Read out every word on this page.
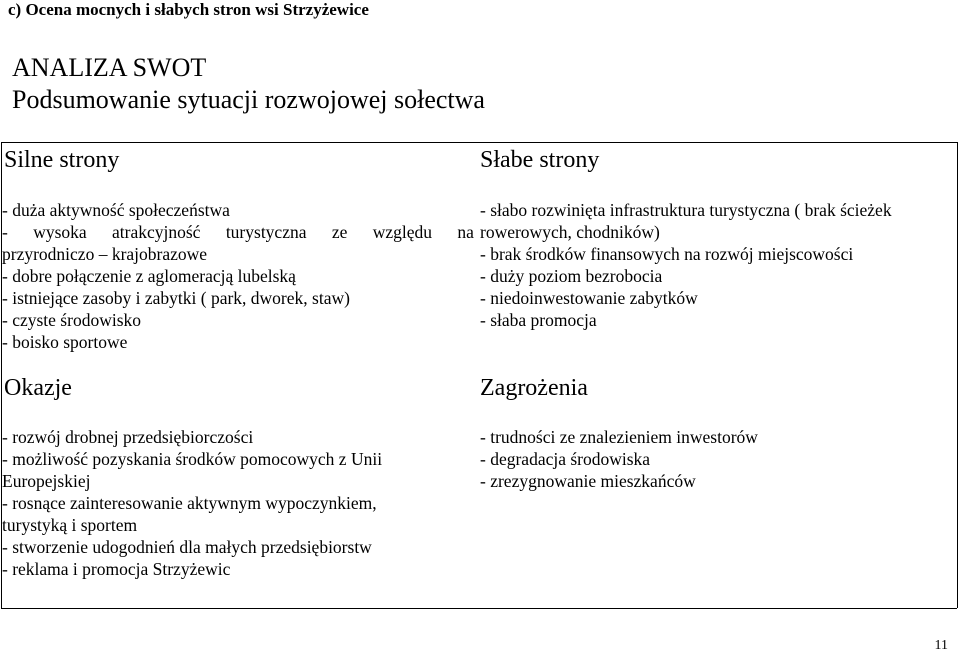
c) Ocena mocnych i słabych stron wsi Strzyżewice
ANALIZA SWOT
Podsumowanie sytuacji rozwojowej sołectwa
Silne strony
- duża aktywność społeczeństwa
- wysoka atrakcyjność turystyczna ze względu na
przyrodniczo – krajobrazowe
- dobre połączenie z aglomeracją lubelską
- istniejące zasoby i zabytki ( park, dworek, staw)
- czyste środowisko
- boisko sportowe
Słabe strony
- słabo rozwinięta infrastruktura turystyczna ( brak ścieżek
rowerowych, chodników)
- brak środków finansowych na rozwój miejscowości
- duży poziom bezrobocia
- niedoinwestowanie zabytków
- słaba promocja
Okazje
- rozwój drobnej przedsiębiorczości
- możliwość pozyskania środków pomocowych z Unii
Europejskiej
- rosnące zainteresowanie aktywnym wypoczynkiem,
turystyką i sportem
- stworzenie udogodnień dla małych przedsiębiorstw
- reklama i promocja Strzyżewic
Zagrożenia
- trudności ze znalezieniem inwestorów
- degradacja środowiska
- zrezygnowanie mieszkańców
11
